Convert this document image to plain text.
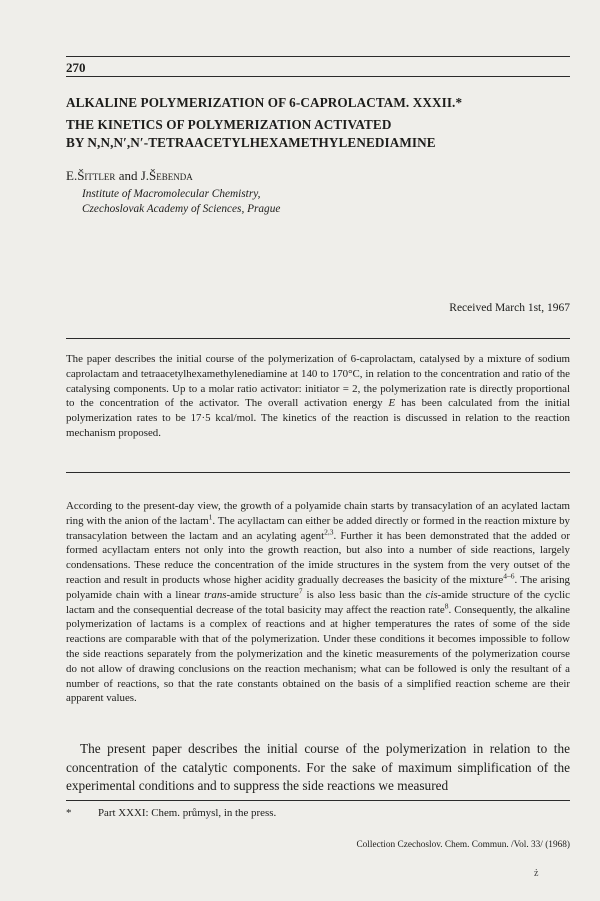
270
ALKALINE POLYMERIZATION OF 6-CAPROLACTAM. XXXII.*
THE KINETICS OF POLYMERIZATION ACTIVATED
BY N,N,N′,N′-TETRAACETYLHEXAMETHYLENEDIAMINE
E.Šittler and J.Šebenda
Institute of Macromolecular Chemistry,
Czechoslovak Academy of Sciences, Prague
Received March 1st, 1967
The paper describes the initial course of the polymerization of 6-caprolactam, catalysed by a mixture of sodium caprolactam and tetraacetylhexamethylenediamine at 140 to 170°C, in relation to the concentration and ratio of the catalysing components. Up to a molar ratio activator: initiator = 2, the polymerization rate is directly proportional to the concentration of the activator. The overall activation energy E has been calculated from the initial polymerization rates to be 17·5 kcal/mol. The kinetics of the reaction is discussed in relation to the reaction mechanism proposed.
According to the present-day view, the growth of a polyamide chain starts by transacylation of an acylated lactam ring with the anion of the lactam$^1$. The acyllactam can either be added directly or formed in the reaction mixture by transacylation between the lactam and an acylating agent$^{2,3}$. Further it has been demonstrated that the added or formed acyllactam enters not only into the growth reaction, but also into a number of side reactions, largely condensations. These reduce the concentration of the imide structures in the system from the very outset of the reaction and result in products whose higher acidity gradually decreases the basicity of the mixture$^{4-6}$. The arising polyamide chain with a linear trans-amide structure$^7$ is also less basic than the cis-amide structure of the cyclic lactam and the consequential decrease of the total basicity may affect the reaction rate$^8$. Consequently, the alkaline polymerization of lactams is a complex of reactions and at higher temperatures the rates of some of the side reactions are comparable with that of the polymerization. Under these conditions it becomes impossible to follow the side reactions separately from the polymerization and the kinetic measurements of the polymerization course do not allow of drawing conclusions on the reaction mechanism; what can be followed is only the resultant of a number of reactions, so that the rate constants obtained on the basis of a simplified reaction scheme are their apparent values.
The present paper describes the initial course of the polymerization in relation to the concentration of the catalytic components. For the sake of maximum simplification of the experimental conditions and to suppress the side reactions we measured
* Part XXXI: Chem. průmysl, in the press.
Collection Czechoslov. Chem. Commun. /Vol. 33/ (1968)
ż
